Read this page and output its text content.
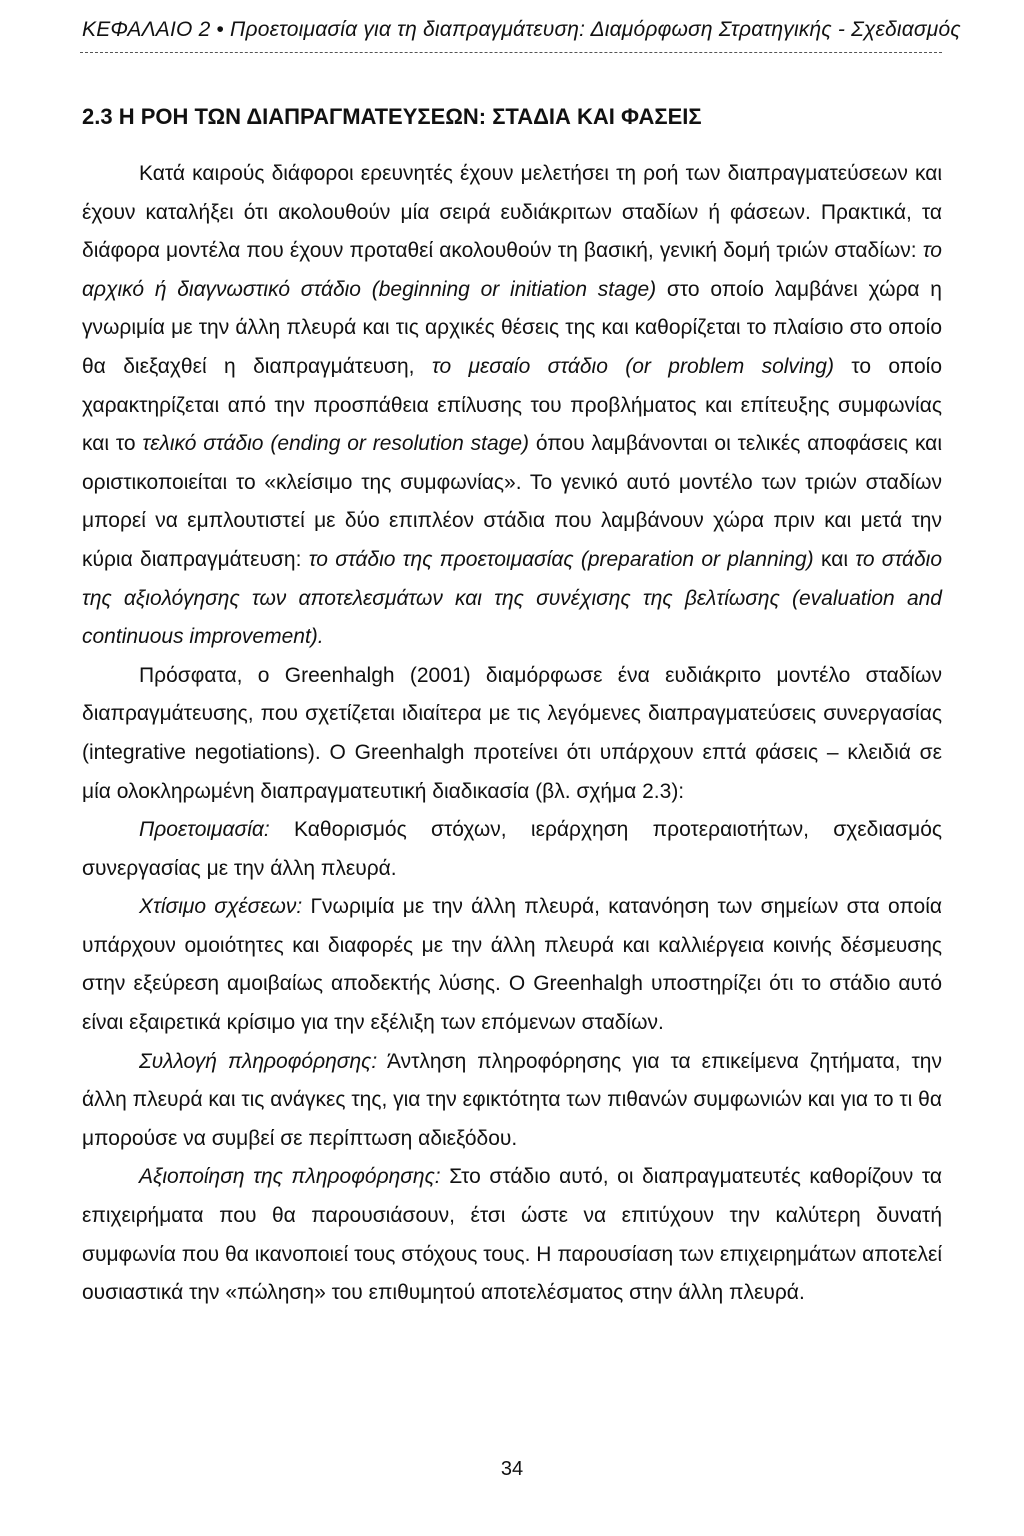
ΚΕΦΑΛΑΙΟ 2 • Προετοιμασία για τη διαπραγμάτευση: Διαμόρφωση Στρατηγικής - Σχεδιασμός
2.3 Η ΡΟΗ ΤΩΝ ΔΙΑΠΡΑΓΜΑΤΕΥΣΕΩΝ: ΣΤΑΔΙΑ ΚΑΙ ΦΑΣΕΙΣ

Κατά καιρούς διάφοροι ερευνητές έχουν μελετήσει τη ροή των διαπραγματεύσεων και έχουν καταλήξει ότι ακολουθούν μία σειρά ευδιάκριτων σταδίων ή φάσεων. Πρακτικά, τα διάφορα μοντέλα που έχουν προταθεί ακολουθούν τη βασική, γενική δομή τριών σταδίων: το αρχικό ή διαγνωστικό στάδιο (beginning or initiation stage) στο οποίο λαμβάνει χώρα η γνωριμία με την άλλη πλευρά και τις αρχικές θέσεις της και καθορίζεται το πλαίσιο στο οποίο θα διεξαχθεί η διαπραγμάτευση, το μεσαίο στάδιο (or problem solving) το οποίο χαρακτηρίζεται από την προσπάθεια επίλυσης του προβλήματος και επίτευξης συμφωνίας και το τελικό στάδιο (ending or resolution stage) όπου λαμβάνονται οι τελικές αποφάσεις και οριστικοποιείται το «κλείσιμο της συμφωνίας». Το γενικό αυτό μοντέλο των τριών σταδίων μπορεί να εμπλουτιστεί με δύο επιπλέον στάδια που λαμβάνουν χώρα πριν και μετά την κύρια διαπραγμάτευση: το στάδιο της προετοιμασίας (preparation or planning) και το στάδιο της αξιολόγησης των αποτελεσμάτων και της συνέχισης της βελτίωσης (evaluation and continuous improvement).

Πρόσφατα, ο Greenhalgh (2001) διαμόρφωσε ένα ευδιάκριτο μοντέλο σταδίων διαπραγμάτευσης, που σχετίζεται ιδιαίτερα με τις λεγόμενες διαπραγματεύσεις συνεργασίας (integrative negotiations). Ο Greenhalgh προτείνει ότι υπάρχουν επτά φάσεις – κλειδιά σε μία ολοκληρωμένη διαπραγματευτική διαδικασία (βλ. σχήμα 2.3):

Προετοιμασία: Καθορισμός στόχων, ιεράρχηση προτεραιοτήτων, σχεδιασμός συνεργασίας με την άλλη πλευρά.

Χτίσιμο σχέσεων: Γνωριμία με την άλλη πλευρά, κατανόηση των σημείων στα οποία υπάρχουν ομοιότητες και διαφορές με την άλλη πλευρά και καλλιέργεια κοινής δέσμευσης στην εξεύρεση αμοιβαίως αποδεκτής λύσης. Ο Greenhalgh υποστηρίζει ότι το στάδιο αυτό είναι εξαιρετικά κρίσιμο για την εξέλιξη των επόμενων σταδίων.

Συλλογή πληροφόρησης: Άντληση πληροφόρησης για τα επικείμενα ζητήματα, την άλλη πλευρά και τις ανάγκες της, για την εφικτότητα των πιθανών συμφωνιών και για το τι θα μπορούσε να συμβεί σε περίπτωση αδιεξόδου.

Αξιοποίηση της πληροφόρησης: Στο στάδιο αυτό, οι διαπραγματευτές καθορίζουν τα επιχειρήματα που θα παρουσιάσουν, έτσι ώστε να επιτύχουν την καλύτερη δυνατή συμφωνία που θα ικανοποιεί τους στόχους τους. Η παρουσίαση των επιχειρημάτων αποτελεί ουσιαστικά την «πώληση» του επιθυμητού αποτελέσματος στην άλλη πλευρά.

34
